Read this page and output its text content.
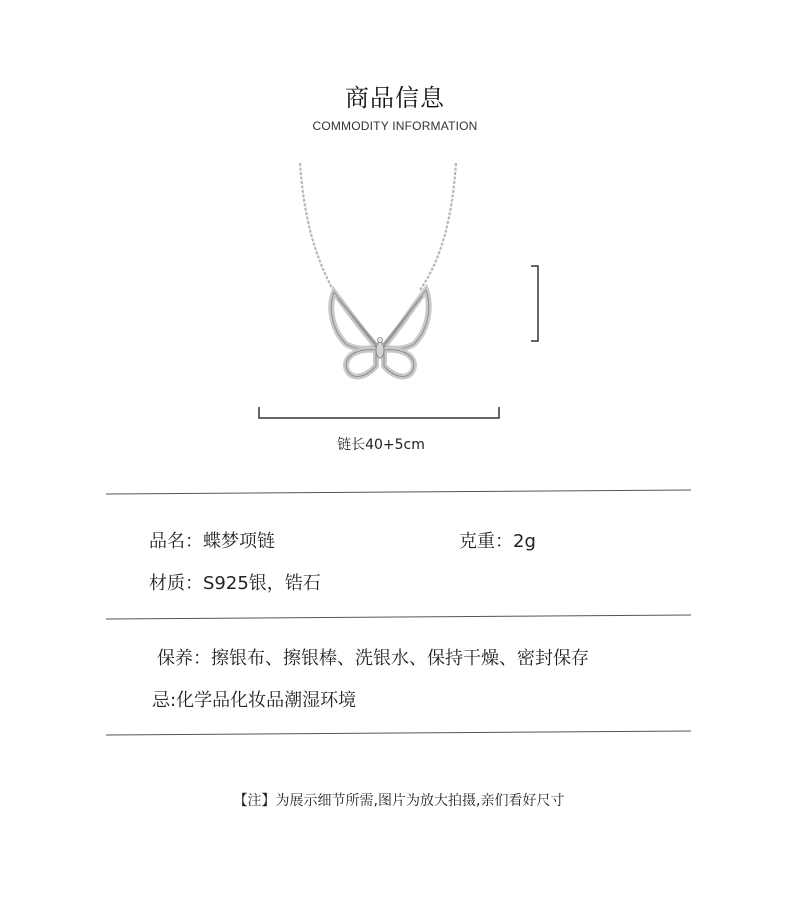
商品信息
COMMODITY INFORMATION
链长40+5cm
品名：蝶梦项链	克重：2g
材质：S925银，锆石
保养：擦银布、擦银棒、洗银水、保持干燥、密封保存
忌:化学品化妆品潮湿环境
【注】为展示细节所需,图片为放大拍摄,亲们看好尺寸
